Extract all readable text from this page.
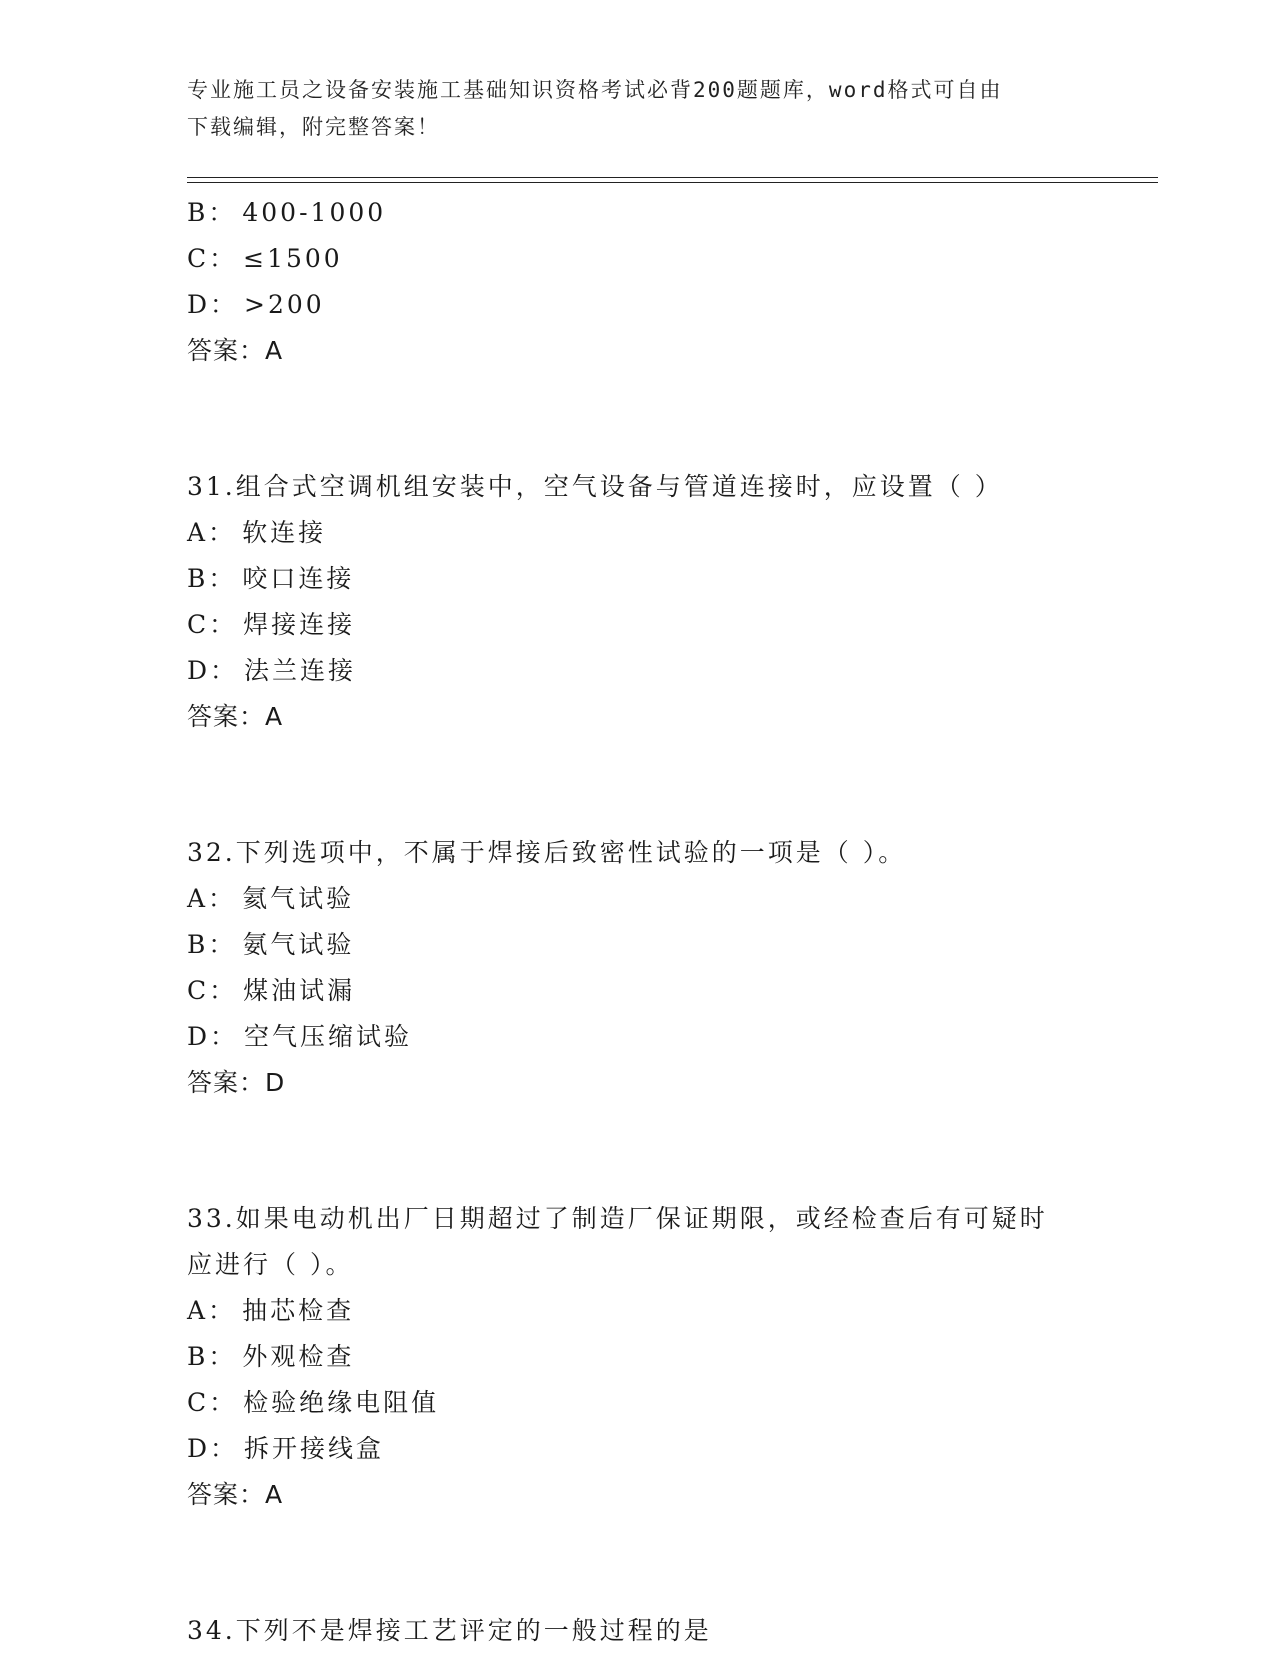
专业施工员之设备安装施工基础知识资格考试必背200题题库，word格式可自由
下载编辑，附完整答案！
B： 400-1000
C： ≤1500
D： >200
答案：A
31.组合式空调机组安装中，空气设备与管道连接时，应设置（ ）
A： 软连接
B： 咬口连接
C： 焊接连接
D： 法兰连接
答案：A
32.下列选项中，不属于焊接后致密性试验的一项是（ ）。
A： 氦气试验
B： 氨气试验
C： 煤油试漏
D： 空气压缩试验
答案：D
33.如果电动机出厂日期超过了制造厂保证期限，或经检查后有可疑时
应进行（ ）。
A： 抽芯检查
B： 外观检查
C： 检验绝缘电阻值
D： 拆开接线盒
答案：A
34.下列不是焊接工艺评定的一般过程的是
